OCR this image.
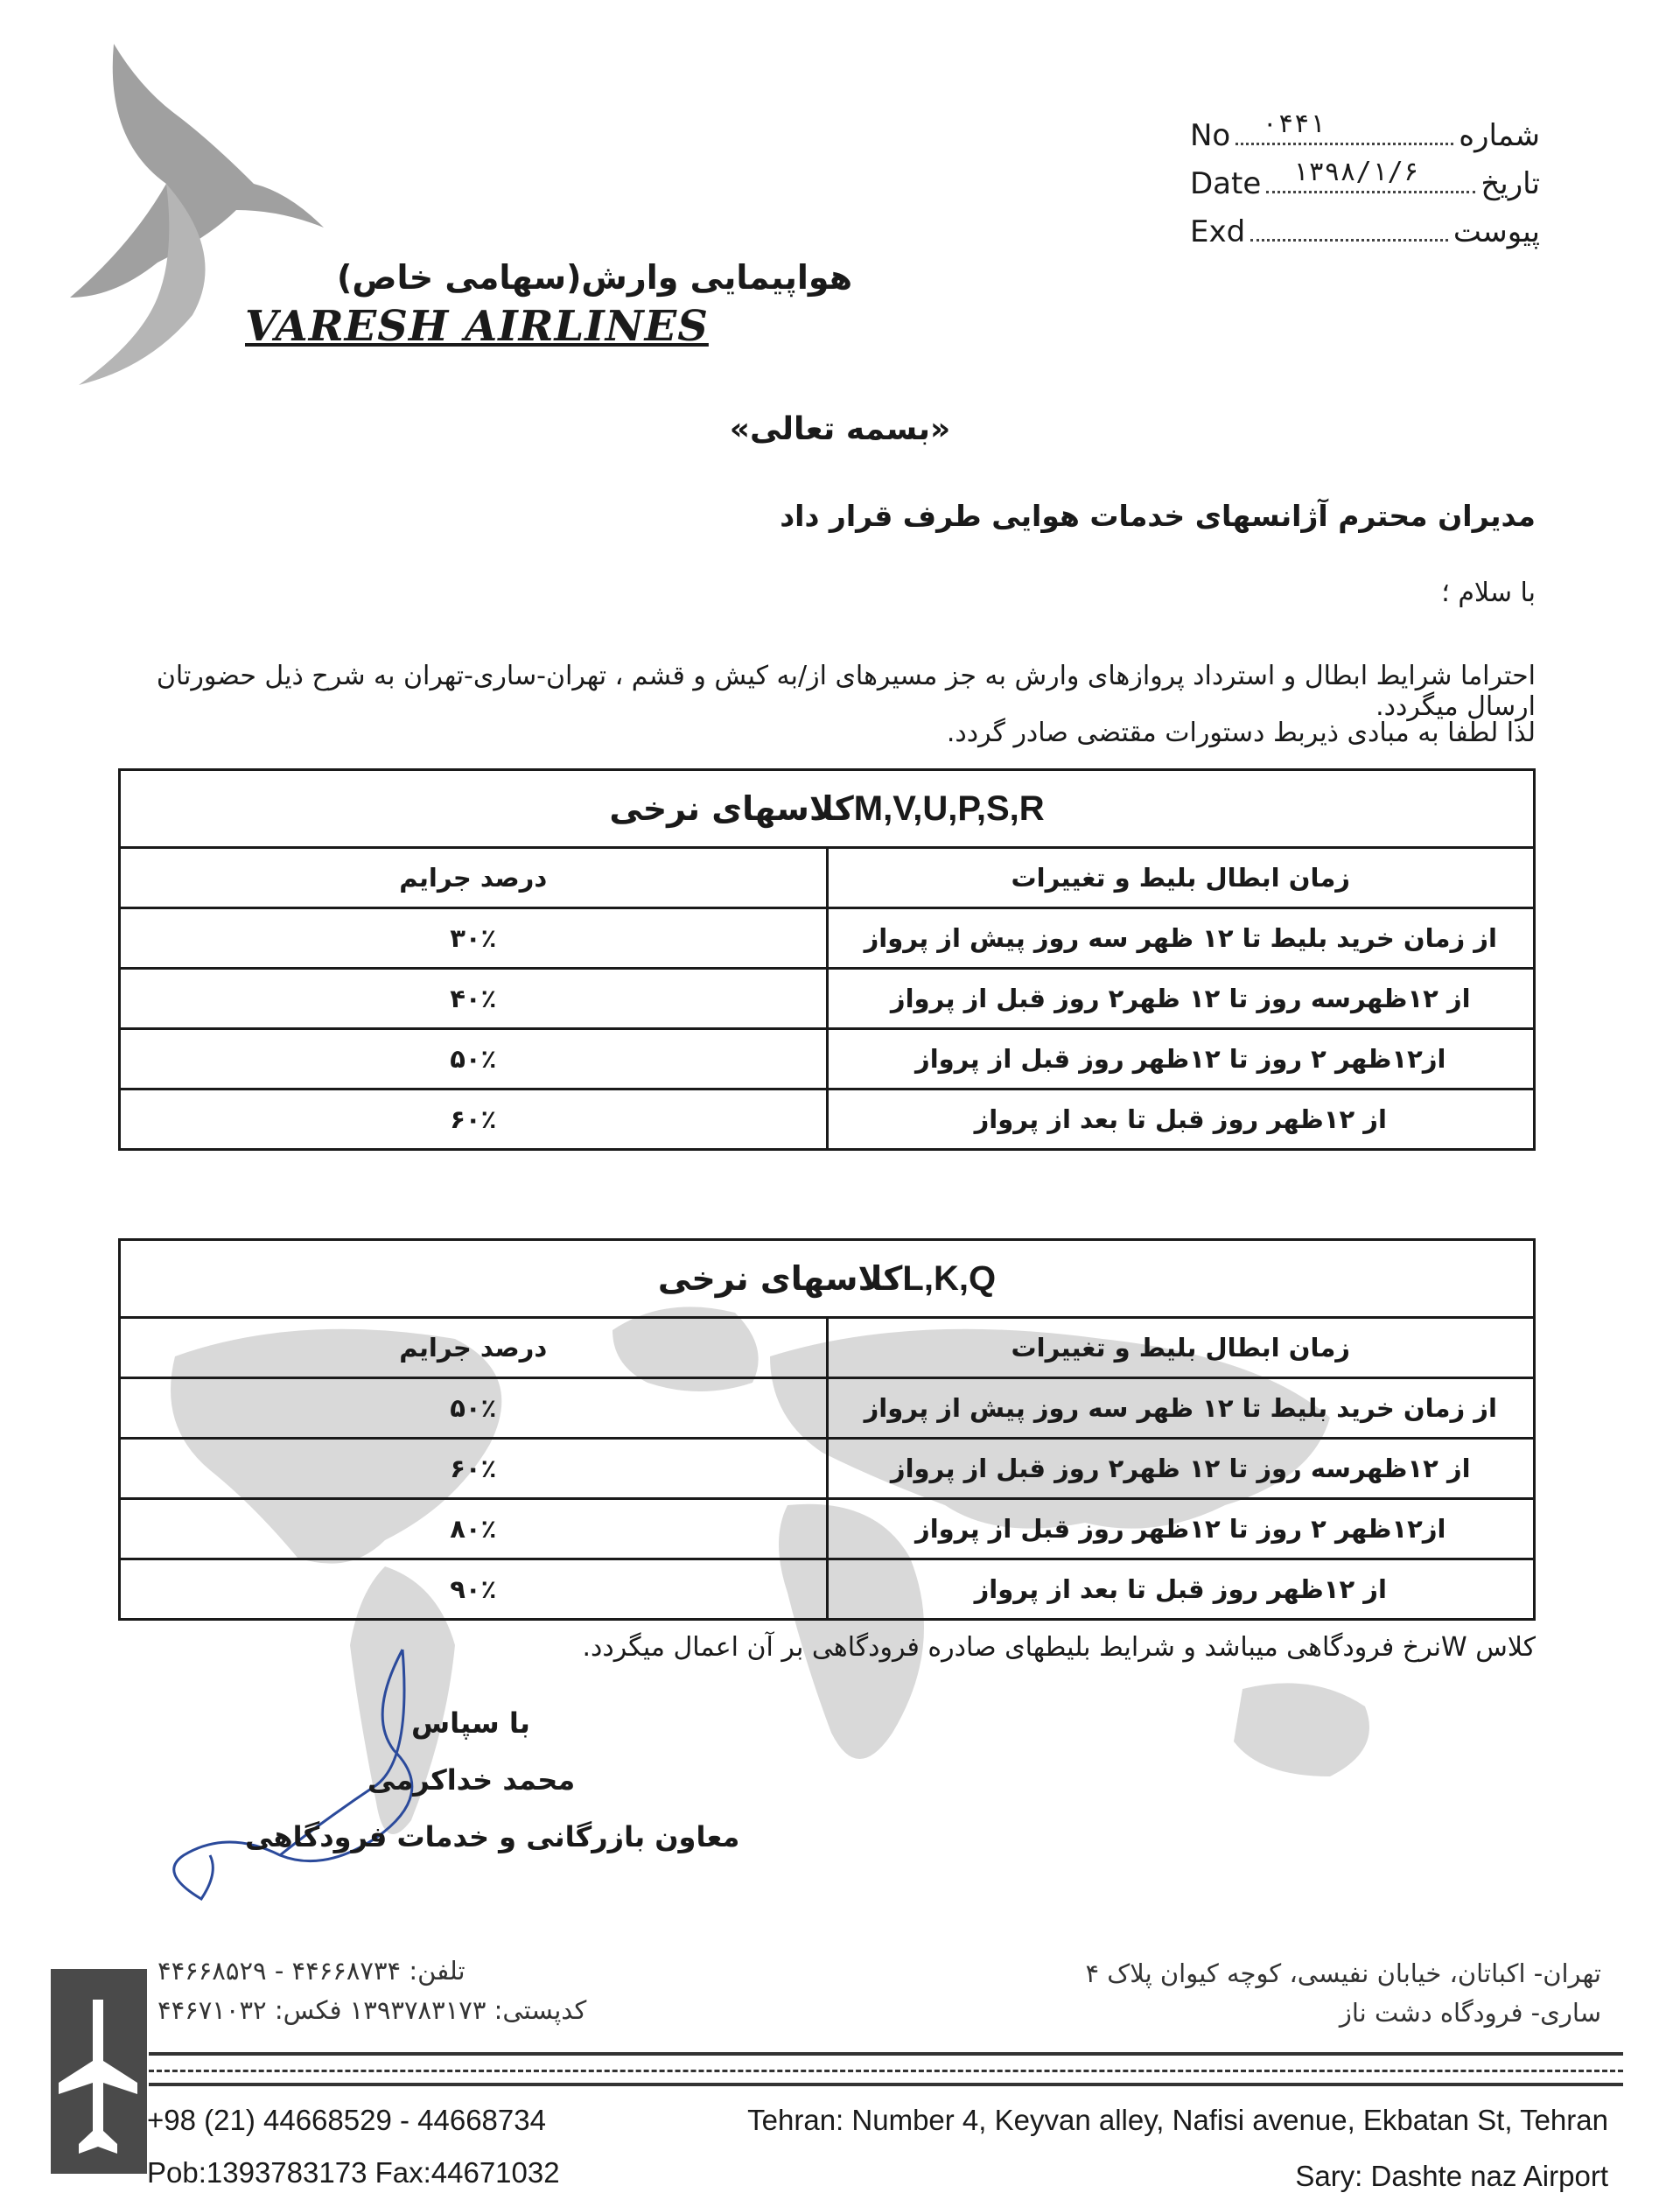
هواپیمایی وارش(سهامی خاص)
VARESH AIRLINES
No ۰۴۴۱	شماره
Date ۱۳۹۸/۱/۶ تاریخ
Exd	پیوست
«بسمه تعالی»
مدیران محترم آژانسهای خدمات هوایی طرف قرار داد
با سلام ؛
احتراما شرایط ابطال و استرداد پروازهای وارش به جز مسیرهای از/به کیش و قشم ، تهران-ساری-تهران به شرح ذیل حضورتان ارسال میگردد.
لذا لطفا به مبادی ذیربط دستورات مقتضی صادر گردد.
M,V,U,P,S,Rکلاسهای نرخی	
زمان ابطال بلیط و تغییرات	درصد جرایم
از زمان خرید بلیط تا ۱۲ ظهر سه روز پیش از پرواز	۳۰٪
از ۱۲ظهرسه روز تا ۱۲ ظهر۲ روز قبل از پرواز	۴۰٪
از۱۲ظهر ۲ روز تا ۱۲ظهر روز قبل از پرواز	۵۰٪
از ۱۲ظهر روز قبل تا بعد از پرواز	۶۰٪
L,K,Qکلاسهای نرخی	
زمان ابطال بلیط و تغییرات	درصد جرایم
از زمان خرید بلیط تا ۱۲ ظهر سه روز پیش از پرواز	۵۰٪
از ۱۲ظهرسه روز تا ۱۲ ظهر۲ روز قبل از پرواز	۶۰٪
از۱۲ظهر ۲ روز تا ۱۲ظهر روز قبل از پرواز	۸۰٪
از ۱۲ظهر روز قبل تا بعد از پرواز	۹۰٪
کلاس Wنرخ فرودگاهی میباشد و شرایط بلیطهای صادره فرودگاهی بر آن اعمال میگردد.
با سپاس
محمد خداکرمی
معاون بازرگانی و خدمات فرودگاهی
تلفن: ۴۴۶۶۸۷۳۴ - ۴۴۶۶۸۵۲۹
کدپستی: ۱۳۹۳۷۸۳۱۷۳ فکس: ۴۴۶۷۱۰۳۲
تهران- اکباتان، خیابان نفیسی، کوچه کیوان پلاک ۴
ساری- فرودگاه دشت ناز
+98 (21) 44668529 - 44668734	Tehran: Number 4, Keyvan alley, Nafisi avenue, Ekbatan St, Tehran
Pob:1393783173 Fax:44671032	Sary: Dashte naz Airport
